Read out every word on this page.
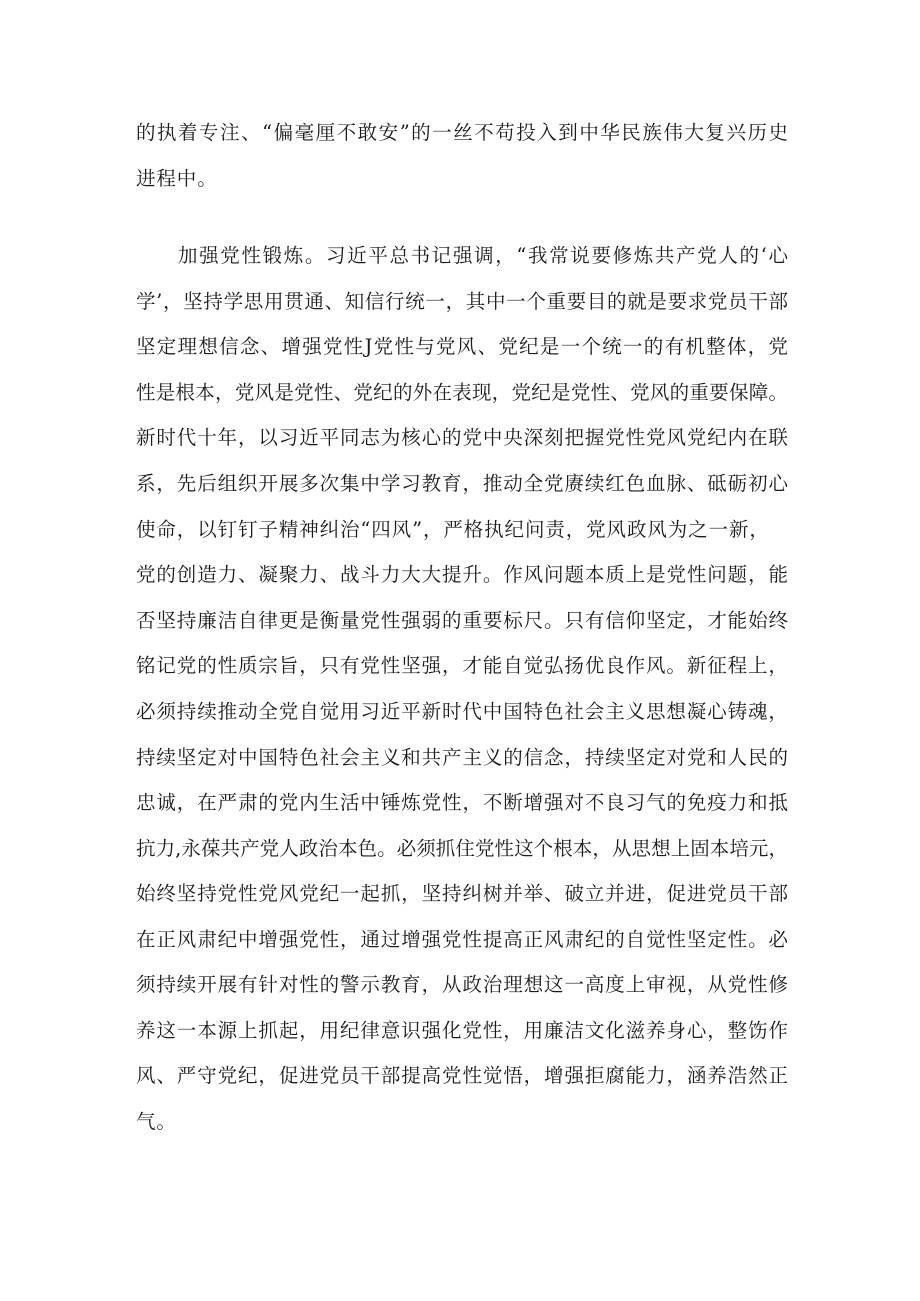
的执着专注、“偏毫厘不敢安”的一丝不苟投入到中华民族伟大复兴历史

进程中。

加强党性锻炼。习近平总书记强调，“我常说要修炼共产党人的‘心

学’，坚持学思用贯通、知信行统一，其中一个重要目的就是要求党员干部

坚定理想信念、增强党性J党性与党风、党纪是一个统一的有机整体，党

性是根本，党风是党性、党纪的外在表现，党纪是党性、党风的重要保障。

新时代十年，以习近平同志为核心的党中央深刻把握党性党风党纪内在联

系，先后组织开展多次集中学习教育，推动全党赓续红色血脉、砥砺初心

使命，以钉钉子精神纠治“四风”，严格执纪问责，党风政风为之一新，

党的创造力、凝聚力、战斗力大大提升。作风问题本质上是党性问题，能

否坚持廉洁自律更是衡量党性强弱的重要标尺。只有信仰坚定，才能始终

铭记党的性质宗旨，只有党性坚强，才能自觉弘扬优良作风。新征程上，

必须持续推动全党自觉用习近平新时代中国特色社会主义思想凝心铸魂，

持续坚定对中国特色社会主义和共产主义的信念，持续坚定对党和人民的

忠诚，在严肃的党内生活中锤炼党性，不断增强对不良习气的免疫力和抵

抗力,永葆共产党人政治本色。必须抓住党性这个根本，从思想上固本培元，

始终坚持党性党风党纪一起抓，坚持纠树并举、破立并进，促进党员干部

在正风肃纪中增强党性，通过增强党性提高正风肃纪的自觉性坚定性。必

须持续开展有针对性的警示教育，从政治理想这一高度上审视，从党性修

养这一本源上抓起，用纪律意识强化党性，用廉洁文化滋养身心，整饬作

风、严守党纪，促进党员干部提高党性觉悟，增强拒腐能力，涵养浩然正

气。
